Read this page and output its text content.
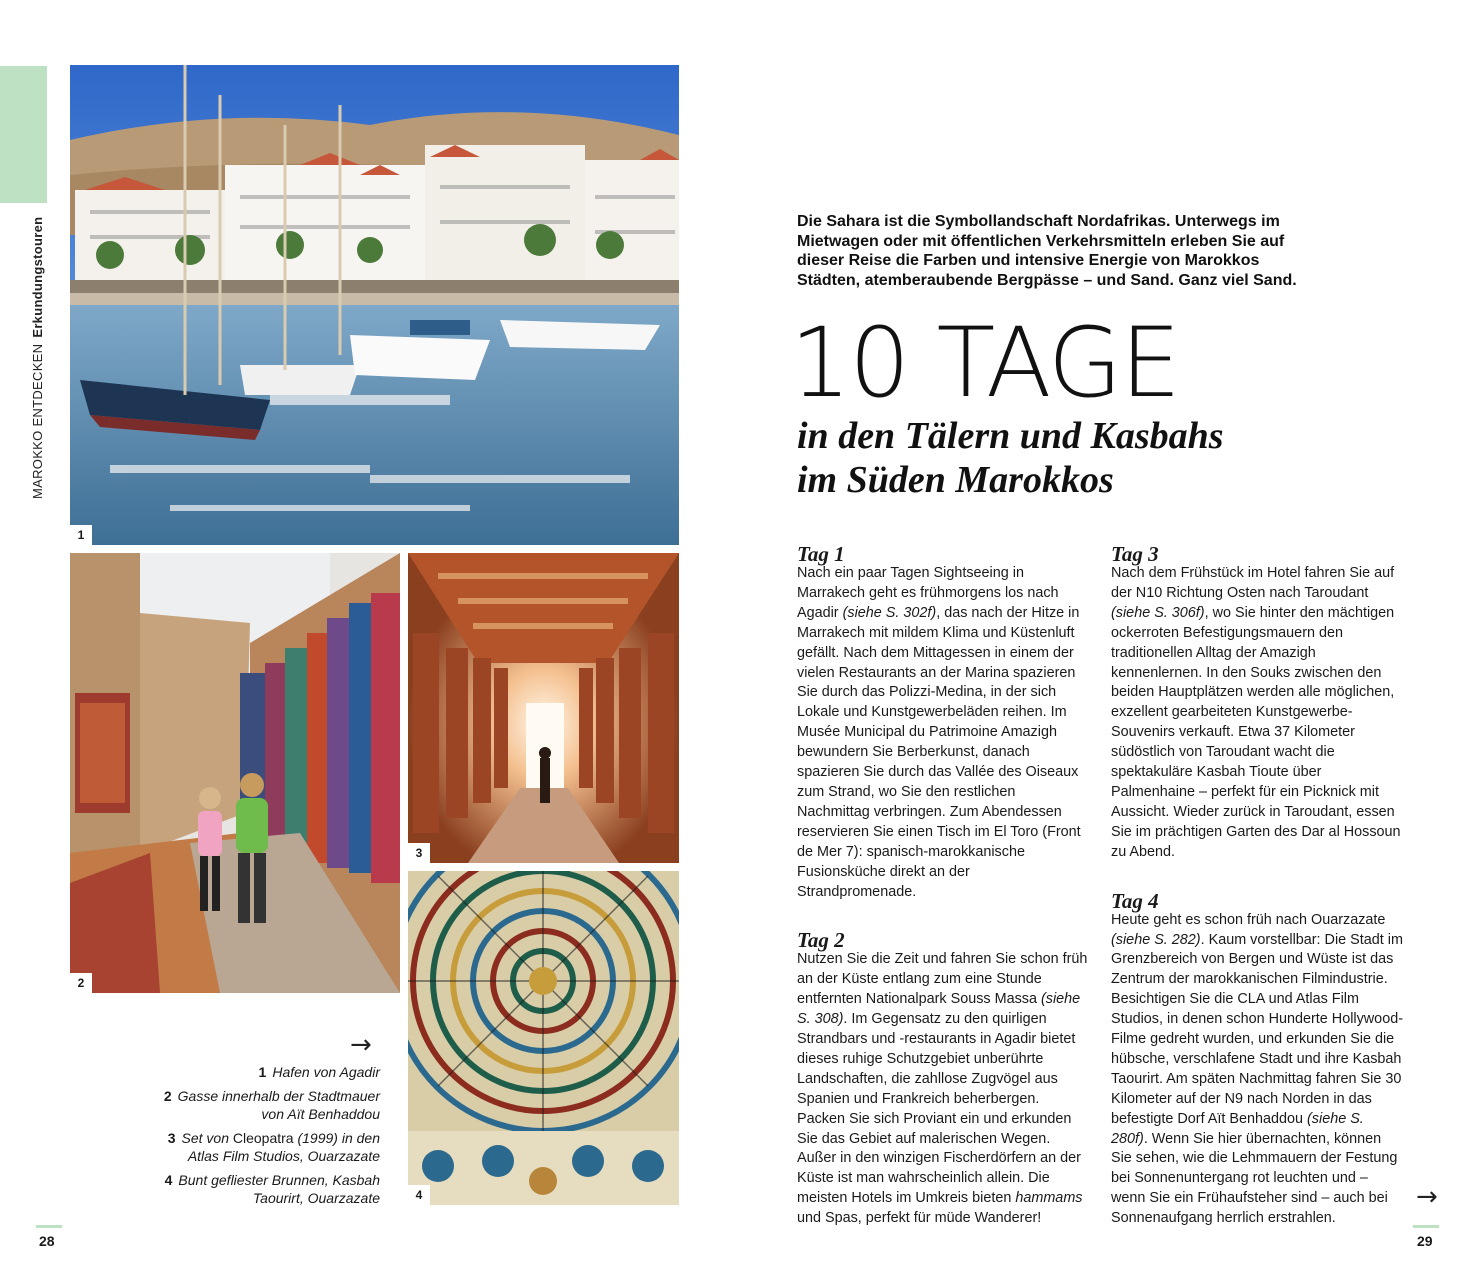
MAROKKO ENTDECKENErkundungstouren
1
2
3
4
→
1 Hafen von Agadir
2 Gasse innerhalb der Stadtmauer von Aït Benhaddou
3 Set von Cleopatra (1999) in den Atlas Film Studios, Ouarzazate
4 Bunt gefliester Brunnen, Kasbah Taourirt, Ouarzazate
Die Sahara ist die Symbollandschaft Nordafrikas. Unterwegs im Mietwagen oder mit öffentlichen Verkehrsmitteln erleben Sie auf dieser Reise die Farben und intensive Energie von Marokkos Städten, atemberaubende Bergpässe – und Sand. Ganz viel Sand.
10 TAGE
in den Tälern und Kasbahs
im Süden Marokkos
Tag 1

Nach ein paar Tagen Sightseeing in Marrakech geht es frühmorgens los nach Agadir (siehe S. 302f), das nach der Hitze in Marrakech mit mildem Klima und Küstenluft gefällt. Nach dem Mittagessen in einem der vielen Restaurants an der Marina spazieren Sie durch das Polizzi-Medina, in der sich Lokale und Kunstgewerbeläden reihen. Im Musée Municipal du Patrimoine Amazigh bewundern Sie Berberkunst, danach spazieren Sie durch das Vallée des Oiseaux zum Strand, wo Sie den restlichen Nachmittag verbringen. Zum Abendessen reservieren Sie einen Tisch im El Toro (Front de Mer 7): spanisch-marokkanische Fusionsküche direkt an der Strandpromenade.

Tag 2

Nutzen Sie die Zeit und fahren Sie schon früh an der Küste entlang zum eine Stunde entfernten Nationalpark Souss Massa (siehe S. 308). Im Gegensatz zu den quirligen Strandbars und -restaurants in Agadir bietet dieses ruhige Schutzgebiet unberührte Landschaften, die zahllose Zugvögel aus Spanien und Frankreich beherbergen. Packen Sie sich Proviant ein und erkunden Sie das Gebiet auf malerischen Wegen. Außer in den winzigen Fischerdörfern an der Küste ist man wahrscheinlich allein. Die meisten Hotels im Umkreis bieten hammams und Spas, perfekt für müde Wanderer!

Tag 3

Nach dem Frühstück im Hotel fahren Sie auf der N10 Richtung Osten nach Taroudant (siehe S. 306f), wo Sie hinter den mächtigen ockerroten Befestigungsmauern den traditionellen Alltag der Amazigh kennenlernen. In den Souks zwischen den beiden Hauptplätzen werden alle möglichen, exzellent gearbeiteten Kunstgewerbe-Souvenirs verkauft. Etwa 37 Kilometer südöstlich von Taroudant wacht die spektakuläre Kasbah Tioute über Palmenhaine – perfekt für ein Picknick mit Aussicht. Wieder zurück in Taroudant, essen Sie im prächtigen Garten des Dar al Hossoun zu Abend.

Tag 4

Heute geht es schon früh nach Ouarzazate (siehe S. 282). Kaum vorstellbar: Die Stadt im Grenzbereich von Bergen und Wüste ist das Zentrum der marokkanischen Filmindustrie. Besichtigen Sie die CLA und Atlas Film Studios, in denen schon Hunderte Hollywood-Filme gedreht wurden, und erkunden Sie die hübsche, verschlafene Stadt und ihre Kasbah Taourirt. Am späten Nachmittag fahren Sie 30 Kilometer auf der N9 nach Norden in das befestigte Dorf Aït Benhaddou (siehe S. 280f). Wenn Sie hier übernachten, können Sie sehen, wie die Lehmmauern der Festung bei Sonnenuntergang rot leuchten und – wenn Sie ein Frühaufsteher sind – auch bei Sonnenaufgang herrlich erstrahlen.

→
28	29
